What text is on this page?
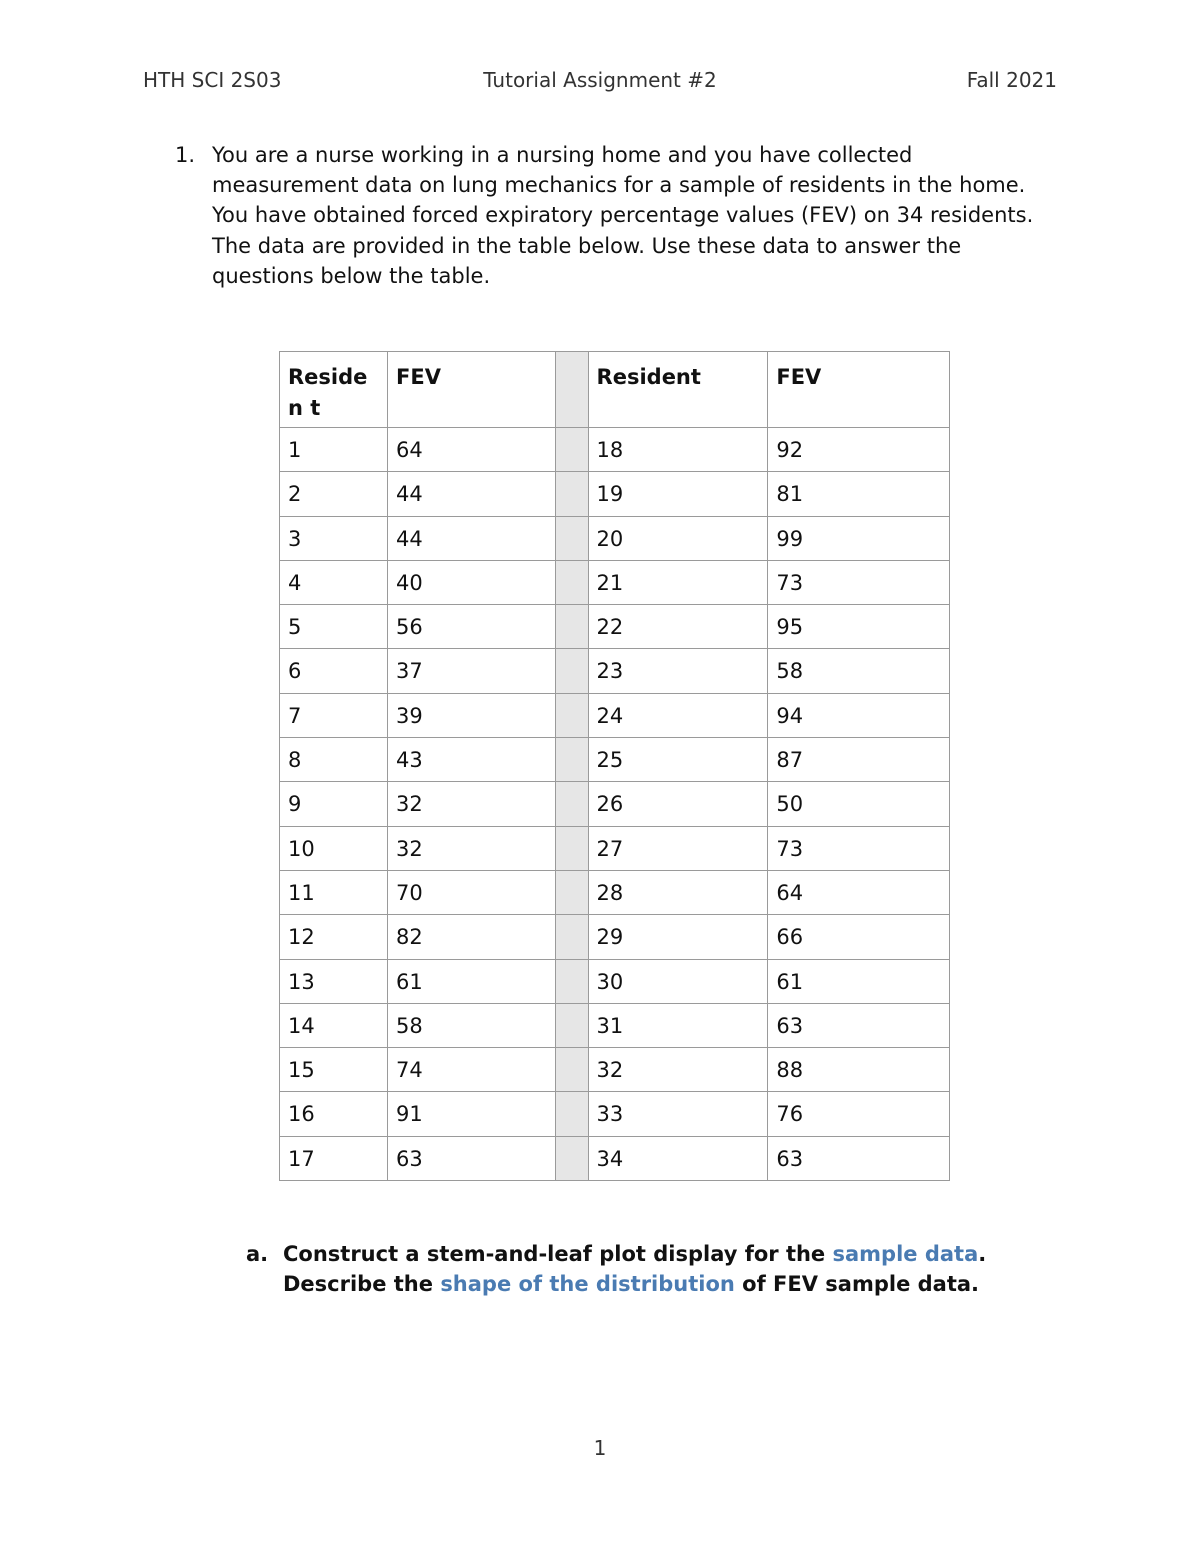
HTH SCI 2S03	Tutorial Assignment #2	Fall 2021
1. You are a nurse working in a nursing home and you have collected measurement data on lung mechanics for a sample of residents in the home. You have obtained forced expiratory percentage values (FEV) on 34 residents. The data are provided in the table below. Use these data to answer the questions below the table.
Residen t	FEV		Resident	FEV
1	64		18	92
2	44		19	81
3	44		20	99
4	40		21	73
5	56		22	95
6	37		23	58
7	39		24	94
8	43		25	87
9	32		26	50
10	32		27	73
11	70		28	64
12	82		29	66
13	61		30	61
14	58		31	63
15	74		32	88
16	91		33	76
17	63		34	63
a. Construct a stem-and-leaf plot display for the sample data. Describe the shape of the distribution of FEV sample data.
1
